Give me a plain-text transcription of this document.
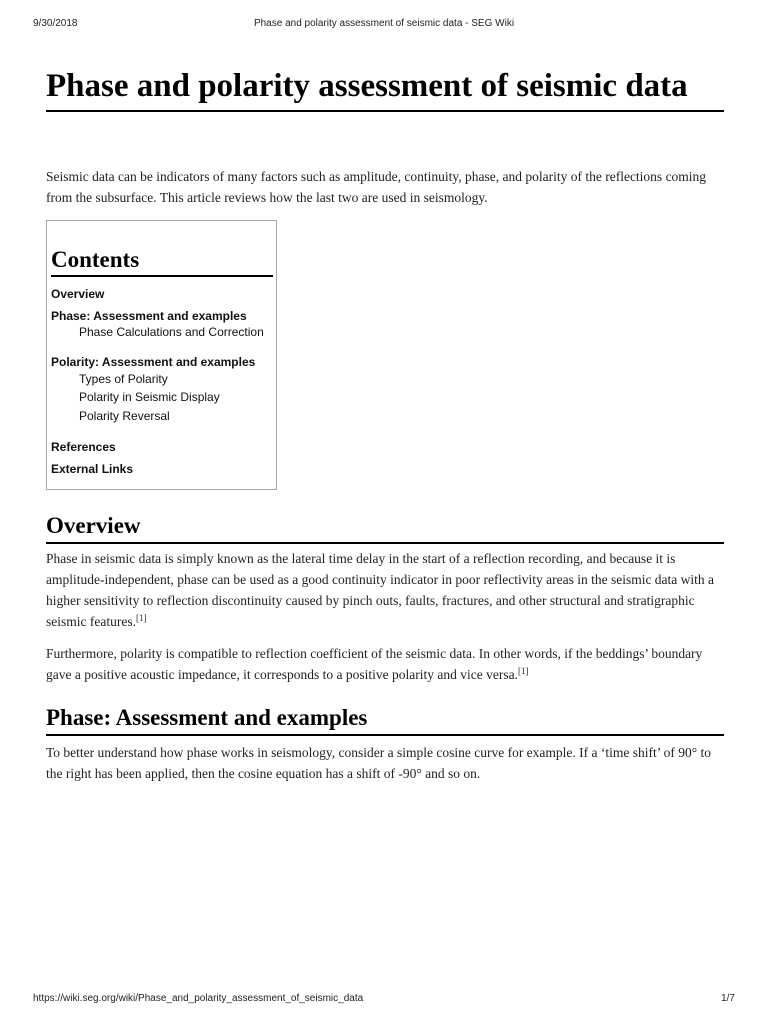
9/30/2018	Phase and polarity assessment of seismic data - SEG Wiki
Phase and polarity assessment of seismic data

Seismic data can be indicators of many factors such as amplitude, continuity, phase, and polarity of the reflections coming from the subsurface. This article reviews how the last two are used in seismology.

Contents
Overview
Phase: Assessment and examples
Phase Calculations and Correction
Polarity: Assessment and examples
Types of Polarity
Polarity in Seismic Display
Polarity Reversal
References
External Links
Overview

Phase in seismic data is simply known as the lateral time delay in the start of a reflection recording, and because it is amplitude-independent, phase can be used as a good continuity indicator in poor reflectivity areas in the seismic data with a higher sensitivity to reflection discontinuity caused by pinch outs, faults, fractures, and other structural and stratigraphic seismic features.[1]

Furthermore, polarity is compatible to reflection coefficient of the seismic data. In other words, if the beddings’ boundary gave a positive acoustic impedance, it corresponds to a positive polarity and vice versa.[1]

Phase: Assessment and examples

To better understand how phase works in seismology, consider a simple cosine curve for example. If a ‘time shift’ of 90° to the right has been applied, then the cosine equation has a shift of -90° and so on.

https://wiki.seg.org/wiki/Phase_and_polarity_assessment_of_seismic_data	1/7
